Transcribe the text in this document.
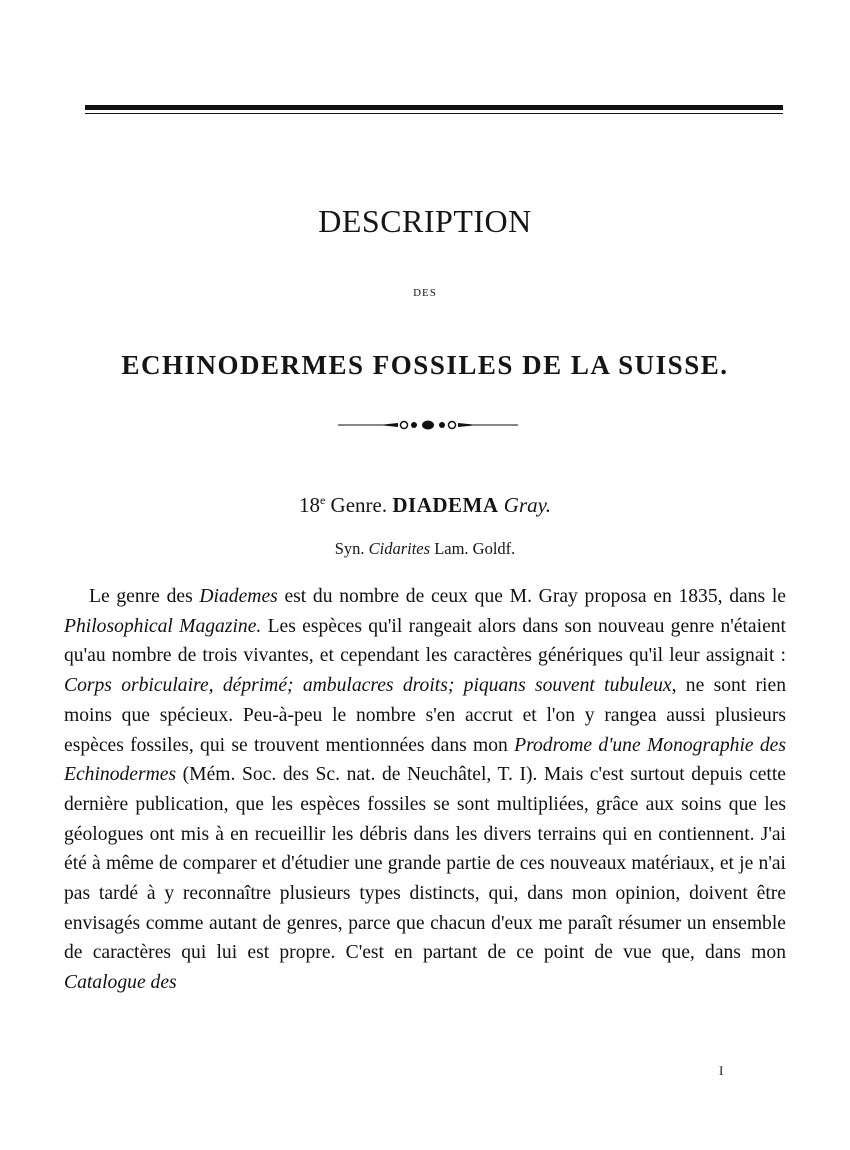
DESCRIPTION
DES
ECHINODERMES FOSSILES DE LA SUISSE.
18e Genre. DIADEMA Gray.
Syn. Cidarites Lam. Goldf.

Le genre des Diademes est du nombre de ceux que M. Gray proposa en 1835, dans le Philosophical Magazine. Les espèces qu'il rangeait alors dans son nouveau genre n'étaient qu'au nombre de trois vivantes, et cependant les caractères génériques qu'il leur assignait : Corps orbiculaire, déprimé; ambulacres droits; piquans souvent tubuleux, ne sont rien moins que spécieux. Peu-à-peu le nombre s'en accrut et l'on y rangea aussi plusieurs espèces fossiles, qui se trouvent mentionnées dans mon Prodrome d'une Monographie des Echinodermes (Mém. Soc. des Sc. nat. de Neuchâtel, T. I). Mais c'est surtout depuis cette dernière publication, que les espèces fossiles se sont multipliées, grâce aux soins que les géologues ont mis à en recueillir les débris dans les divers terrains qui en contiennent. J'ai été à même de comparer et d'étudier une grande partie de ces nouveaux matériaux, et je n'ai pas tardé à y reconnaître plusieurs types distincts, qui, dans mon opinion, doivent être envisagés comme autant de genres, parce que chacun d'eux me paraît résumer un ensemble de caractères qui lui est propre. C'est en partant de ce point de vue que, dans mon Catalogue des

I
